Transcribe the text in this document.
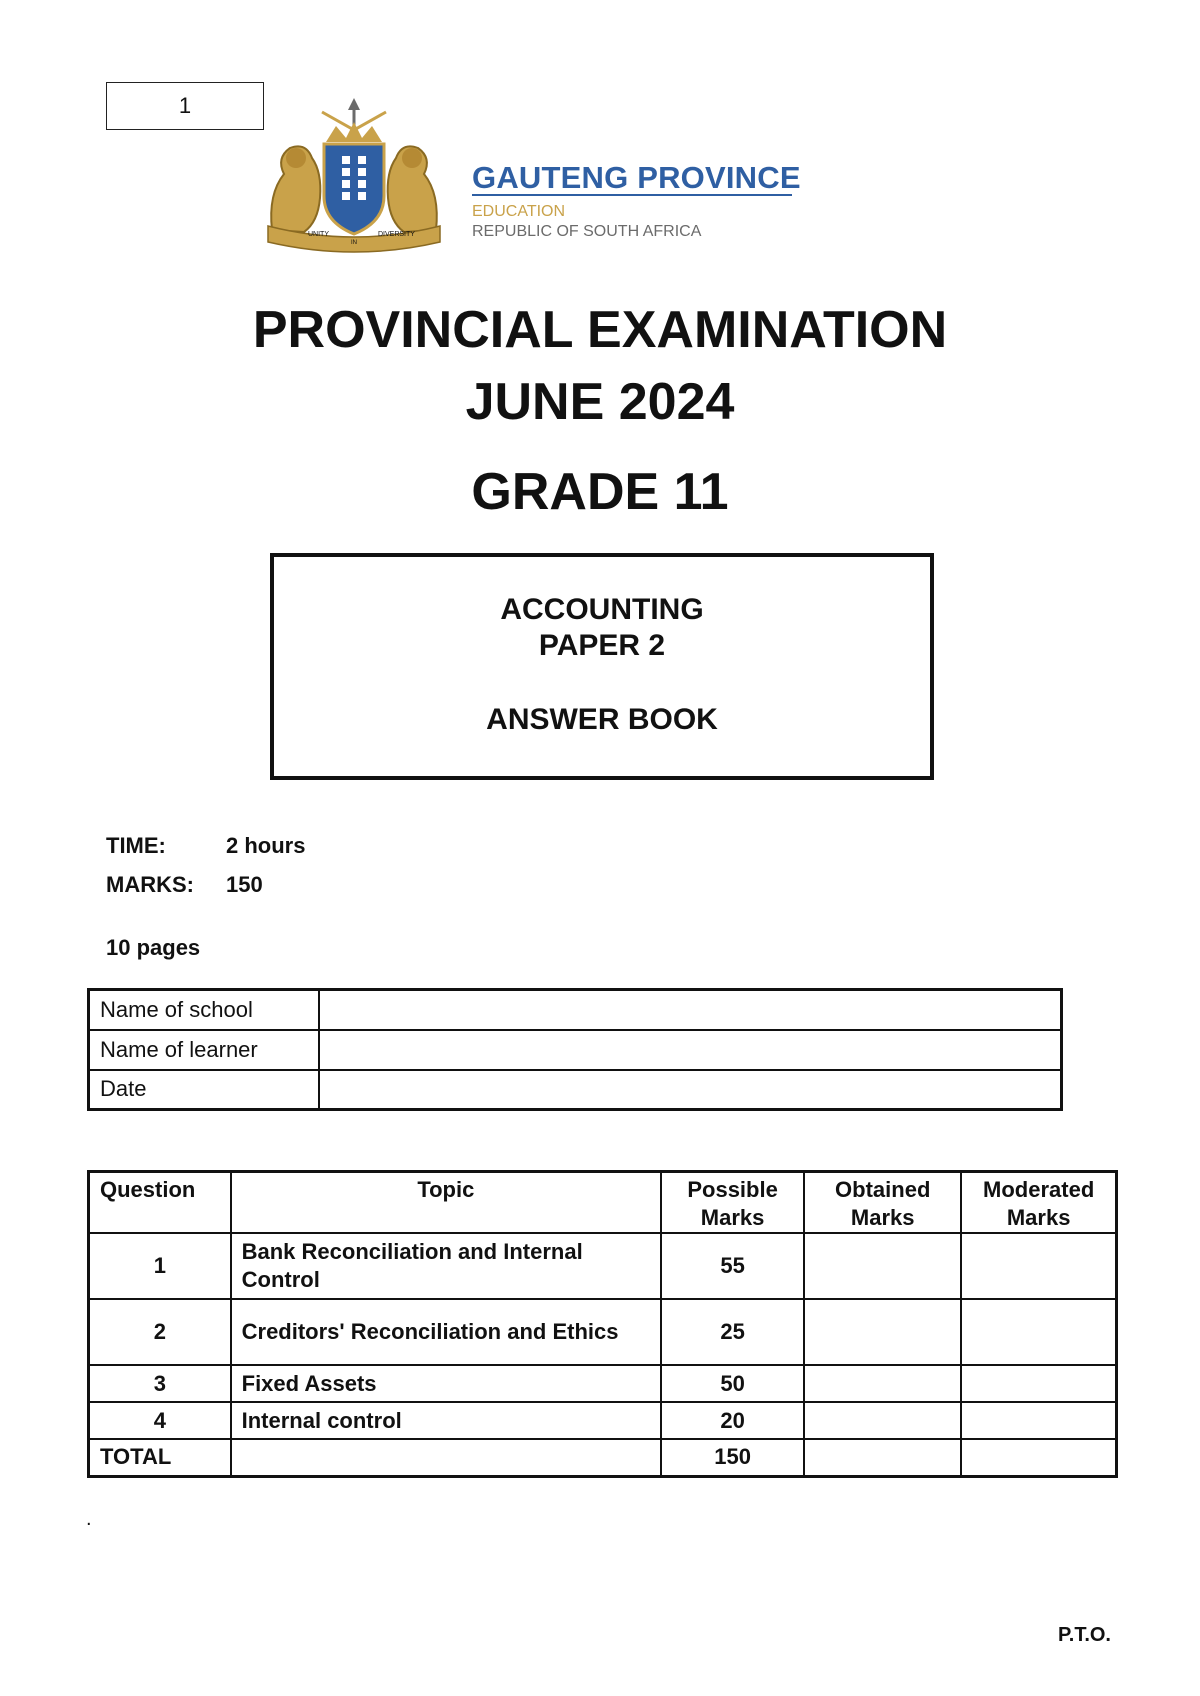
1
UNITY
IN
DIVERSITY
GAUTENG PROVINCE
EDUCATION
REPUBLIC OF SOUTH AFRICA
PROVINCIAL EXAMINATION
JUNE 2024
GRADE 11
ACCOUNTING
PAPER 2
ANSWER BOOK
TIME:	2 hours
MARKS: 150
10 pages
Name of school	
Name of learner	
Date	
Question	Topic	Possible Marks	Obtained Marks	Moderated Marks
1	Bank Reconciliation and Internal Control	55		
2	Creditors' Reconciliation and Ethics	25		
3	Fixed Assets	50		
4	Internal control	20		
TOTAL		150		
.
P.T.O.
